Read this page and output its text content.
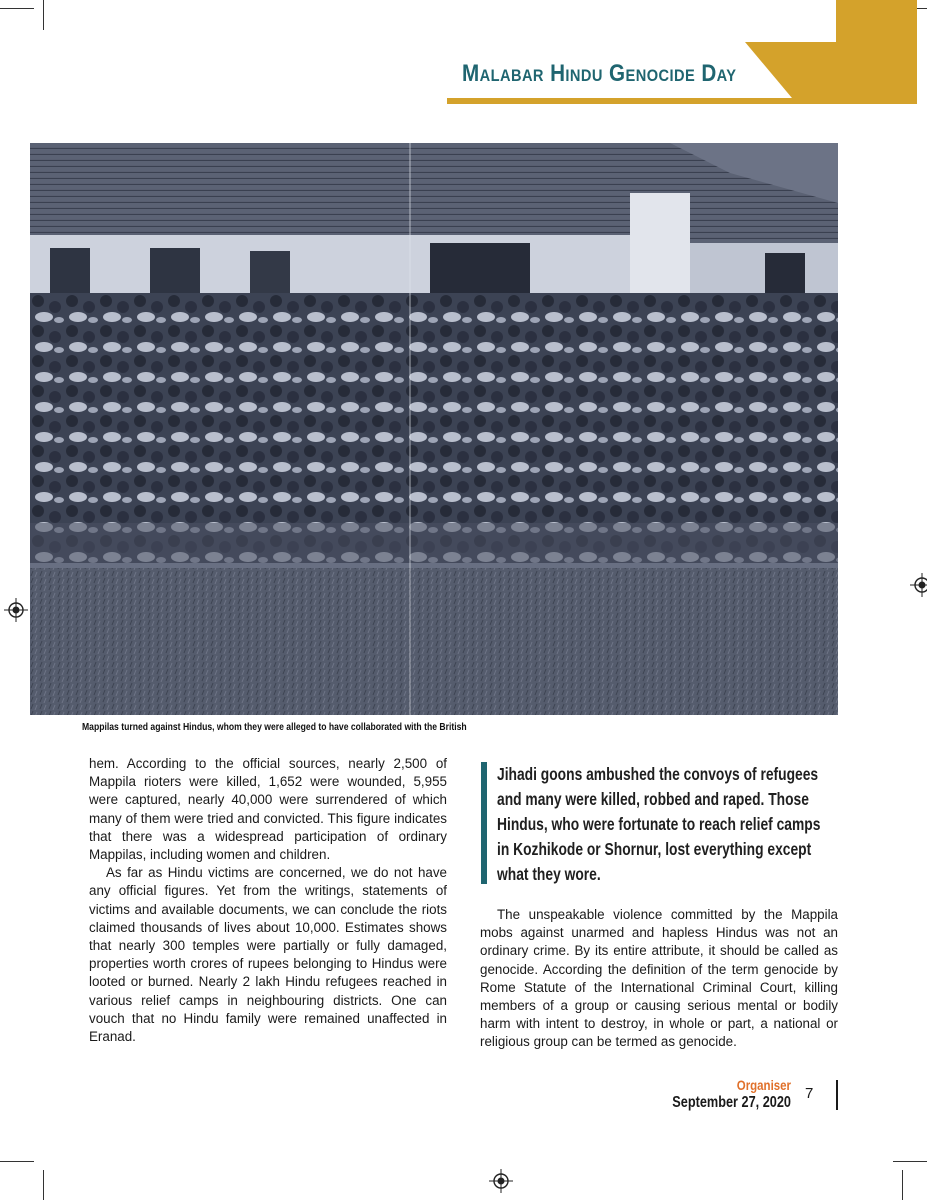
Malabar Hindu Genocide Day
Mappilas turned against Hindus, whom they were alleged to have collaborated with the British

hem. According to the official sources, nearly 2,500 of Mappila rioters were killed, 1,652 were wounded, 5,955 were captured, nearly 40,000 were surrendered of which many of them were tried and convicted. This figure indicates that there was a widespread participation of ordinary Mappilas, including women and children.

As far as Hindu victims are concerned, we do not have any official figures. Yet from the writings, statements of victims and available documents, we can conclude the riots claimed thousands of lives about 10,000. Estimates shows that nearly 300 temples were partially or fully damaged, properties worth crores of rupees belonging to Hindus were looted or burned. Nearly 2 lakh Hindu refugees reached in various relief camps in neighbouring districts. One can vouch that no Hindu family were remained unaffected in Eranad.

Jihadi goons ambushed the convoys of refugees and many were killed, robbed and raped. Those Hindus, who were fortunate to reach relief camps in Kozhikode or Shornur, lost everything except what they wore.

The unspeakable violence committed by the Mappila mobs against unarmed and hapless Hindus was not an ordinary crime. By its entire attribute, it should be called as genocide. According the definition of the term genocide by Rome Statute of the International Criminal Court, killing members of a group or causing serious mental or bodily harm with intent to destroy, in whole or part, a national or religious group can be termed as genocide.

Organiser
September 27, 2020
7
